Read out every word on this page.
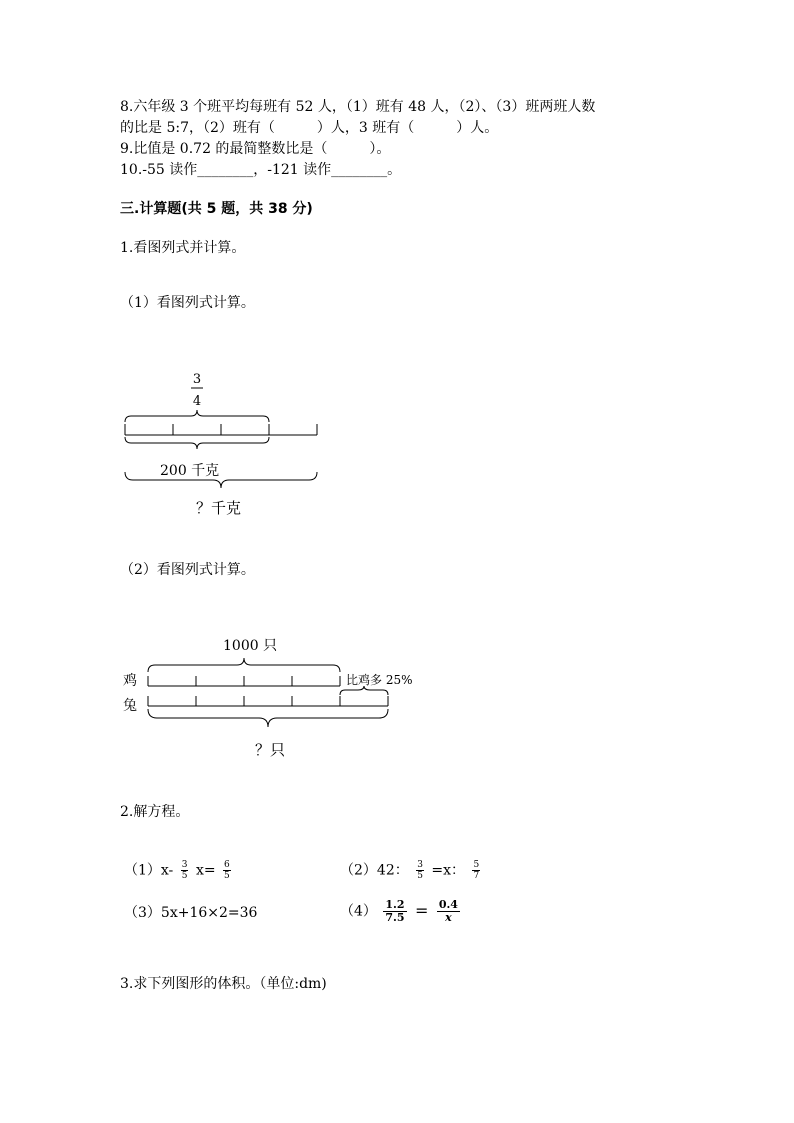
8.六年级 3 个班平均每班有 52 人，（1）班有 48 人，（2）、（3）班两班人数
的比是 5:7，（2）班有（　　　）人，3 班有（　　　）人。
9.比值是 0.72 的最简整数比是（　　　）。
10.-55 读作________，-121 读作________。
三.计算题(共 5 题，共 38 分)
1.看图列式并计算。
（1）看图列式计算。
3
4
200 千克
？千克
（2）看图列式计算。
1000 只
鸡	比鸡多 25%
兔
？只
2.解方程。
$(1)x- \frac{3}{5} x= \frac{6}{5}$	（2）42： $\frac{3}{5} =x$： $\frac{5}{7}$
（3）5x+16×2=36	$(4) \frac{1.2}{7.5} = \frac{0.4}{x}$
3.求下列图形的体积。（单位:dm)
